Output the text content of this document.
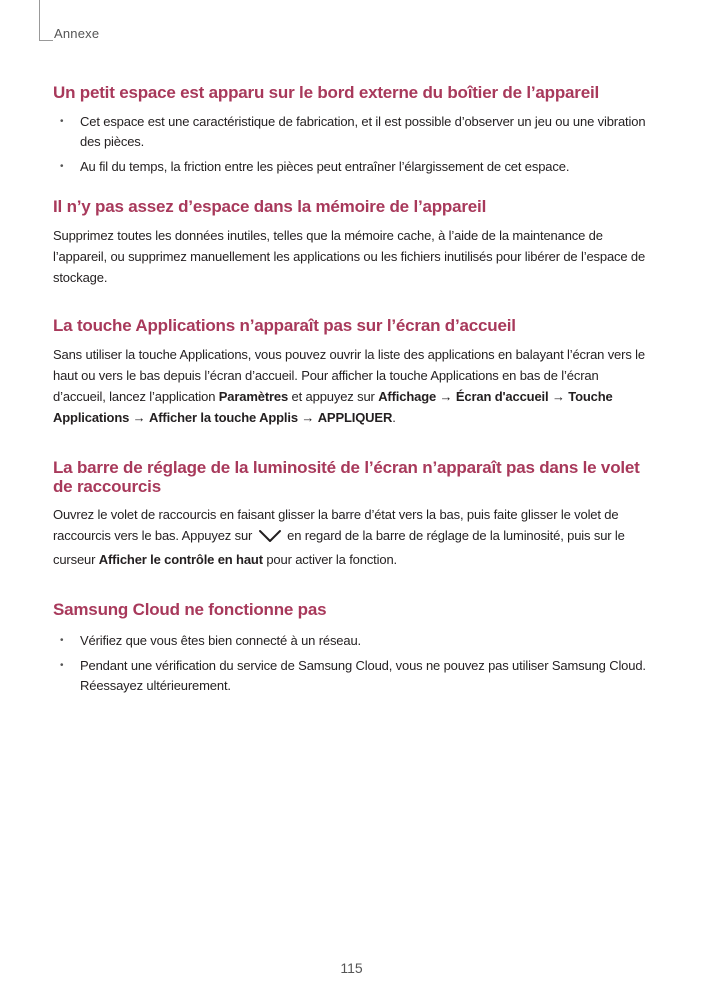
Annexe
Un petit espace est apparu sur le bord externe du boîtier de l’appareil
• Cet espace est une caractéristique de fabrication, et il est possible d’observer un jeu ou une vibration des pièces.
• Au fil du temps, la friction entre les pièces peut entraîner l’élargissement de cet espace.
Il n’y pas assez d’espace dans la mémoire de l’appareil

Supprimez toutes les données inutiles, telles que la mémoire cache, à l’aide de la maintenance de l’appareil, ou supprimez manuellement les applications ou les fichiers inutilisés pour libérer de l’espace de stockage.

La touche Applications n’apparaît pas sur l’écran d’accueil

Sans utiliser la touche Applications, vous pouvez ouvrir la liste des applications en balayant l’écran vers le haut ou vers le bas depuis l’écran d’accueil. Pour afficher la touche Applications en bas de l’écran d’accueil, lancez l’application Paramètres et appuyez sur Affichage → Écran d'accueil → Touche Applications → Afficher la touche Applis → APPLIQUER.

La barre de réglage de la luminosité de l’écran n’apparaît pas dans le volet de raccourcis

Ouvrez le volet de raccourcis en faisant glisser la barre d’état vers la bas, puis faite glisser le volet de raccourcis vers le bas. Appuyez sur  en regard de la barre de réglage de la luminosité, puis sur le curseur Afficher le contrôle en haut pour activer la fonction.

Samsung Cloud ne fonctionne pas
• Vérifiez que vous êtes bien connecté à un réseau.
• Pendant une vérification du service de Samsung Cloud, vous ne pouvez pas utiliser Samsung Cloud. Réessayez ultérieurement.
115
